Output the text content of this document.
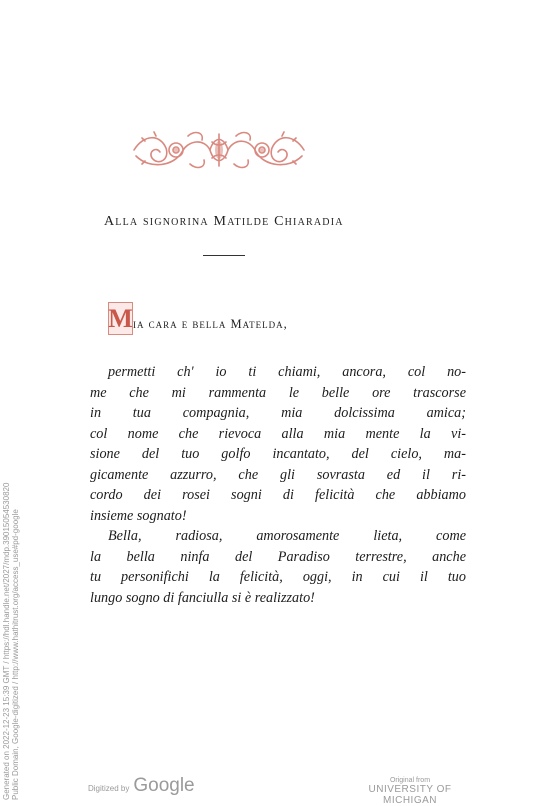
Generated on 2022-12-23 15:39 GMT / https://hdl.handle.net/2027/mdp.39015054530820 Public Domain, Google-digitized / http://www.hathitrust.org/access_use#pd-google
Alla signorina Matilde Chiaradia
M ia cara e bella Matelda,
permetti ch' io ti chiami, ancora, col no-
me che mi rammenta le belle ore trascorse
in tua compagnia, mia dolcissima amica;
col nome che rievoca alla mia mente la vi-
sione del tuo golfo incantato, del cielo, ma-
gicamente azzurro, che gli sovrasta ed il ri-
cordo dei rosei sogni di felicità che abbiamo
insieme sognato!
Bella, radiosa, amorosamente lieta, come
la bella ninfa del Paradiso terrestre, anche
tu personifichi la felicità, oggi, in cui il tuo
lungo sogno di fanciulla si è realizzato!
Digitized by Google	Original from
UNIVERSITY OF MICHIGAN
